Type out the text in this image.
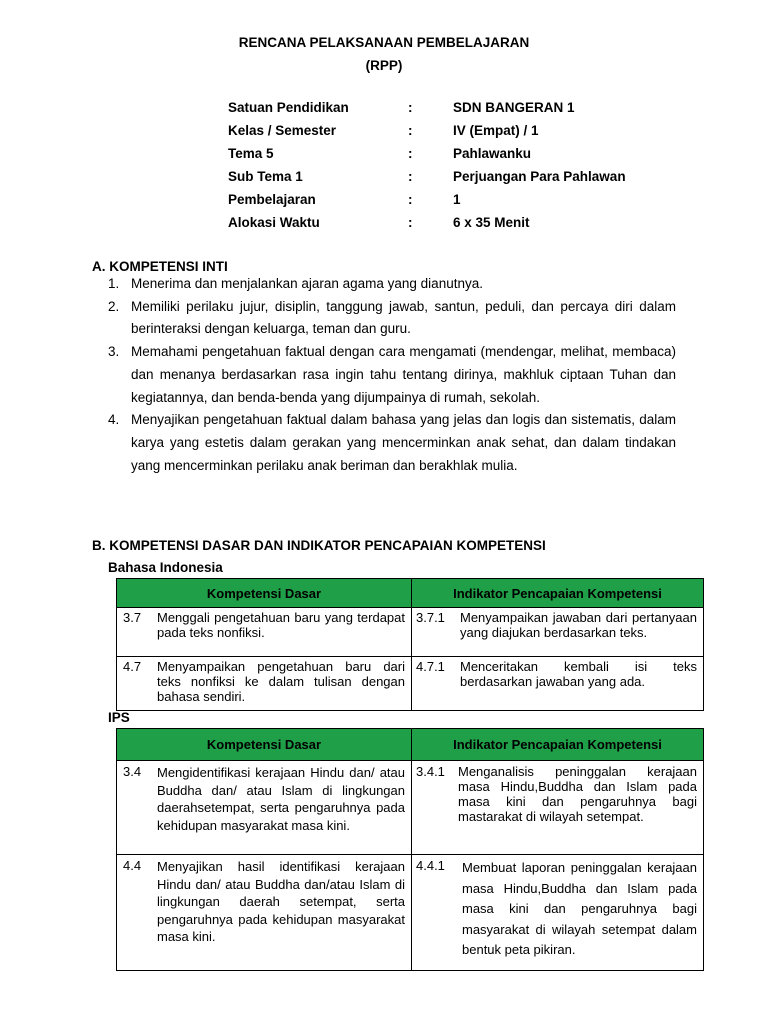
RENCANA PELAKSANAAN PEMBELAJARAN
(RPP)
Satuan Pendidikan	:	SDN BANGERAN 1
Kelas / Semester	:	IV (Empat) / 1
Tema 5	:	Pahlawanku
Sub Tema 1	:	Perjuangan Para Pahlawan
Pembelajaran	:	1
Alokasi Waktu	:	6 x 35 Menit
A. KOMPETENSI INTI
1. Menerima dan menjalankan ajaran agama yang dianutnya.
2. Memiliki perilaku jujur, disiplin, tanggung jawab, santun, peduli, dan percaya diri dalam berinteraksi dengan keluarga, teman dan guru.
3. Memahami pengetahuan faktual dengan cara mengamati (mendengar, melihat, membaca) dan menanya berdasarkan rasa ingin tahu tentang dirinya, makhluk ciptaan Tuhan dan kegiatannya, dan benda-benda yang dijumpainya di rumah, sekolah.
4. Menyajikan pengetahuan faktual dalam bahasa yang jelas dan logis dan sistematis, dalam karya yang estetis dalam gerakan yang mencerminkan anak sehat, dan dalam tindakan yang mencerminkan perilaku anak beriman dan berakhlak mulia.
B. KOMPETENSI DASAR DAN INDIKATOR PENCAPAIAN KOMPETENSI
Bahasa Indonesia
Kompetensi Dasar	Indikator Pencapaian Kompetensi

3.7 Menggali pengetahuan baru yang terdapat pada teks nonfiksi.	3.7.1 Menyampaikan jawaban dari pertanyaan yang diajukan berdasarkan teks.

4.7 Menyampaikan pengetahuan baru dari teks nonfiksi ke dalam tulisan dengan bahasa sendiri.	4.7.1 Menceritakan kembali isi teks berdasarkan jawaban yang ada.
IPS
Kompetensi Dasar	Indikator Pencapaian Kompetensi

3.4 Mengidentifikasi kerajaan Hindu dan/ atau Buddha dan/ atau Islam di lingkungan daerahsetempat, serta pengaruhnya pada kehidupan masyarakat masa kini.	3.4.1 Menganalisis peninggalan kerajaan masa Hindu,Buddha dan Islam pada masa kini dan pengaruhnya bagi mastarakat di wilayah setempat.

4.4 Menyajikan hasil identifikasi kerajaan Hindu dan/ atau Buddha dan/atau Islam di lingkungan daerah setempat, serta pengaruhnya pada kehidupan masyarakat masa kini.	4.4.1 Membuat laporan peninggalan kerajaan masa Hindu,Buddha dan Islam pada masa kini dan pengaruhnya bagi masyarakat di wilayah setempat dalam bentuk peta pikiran.
